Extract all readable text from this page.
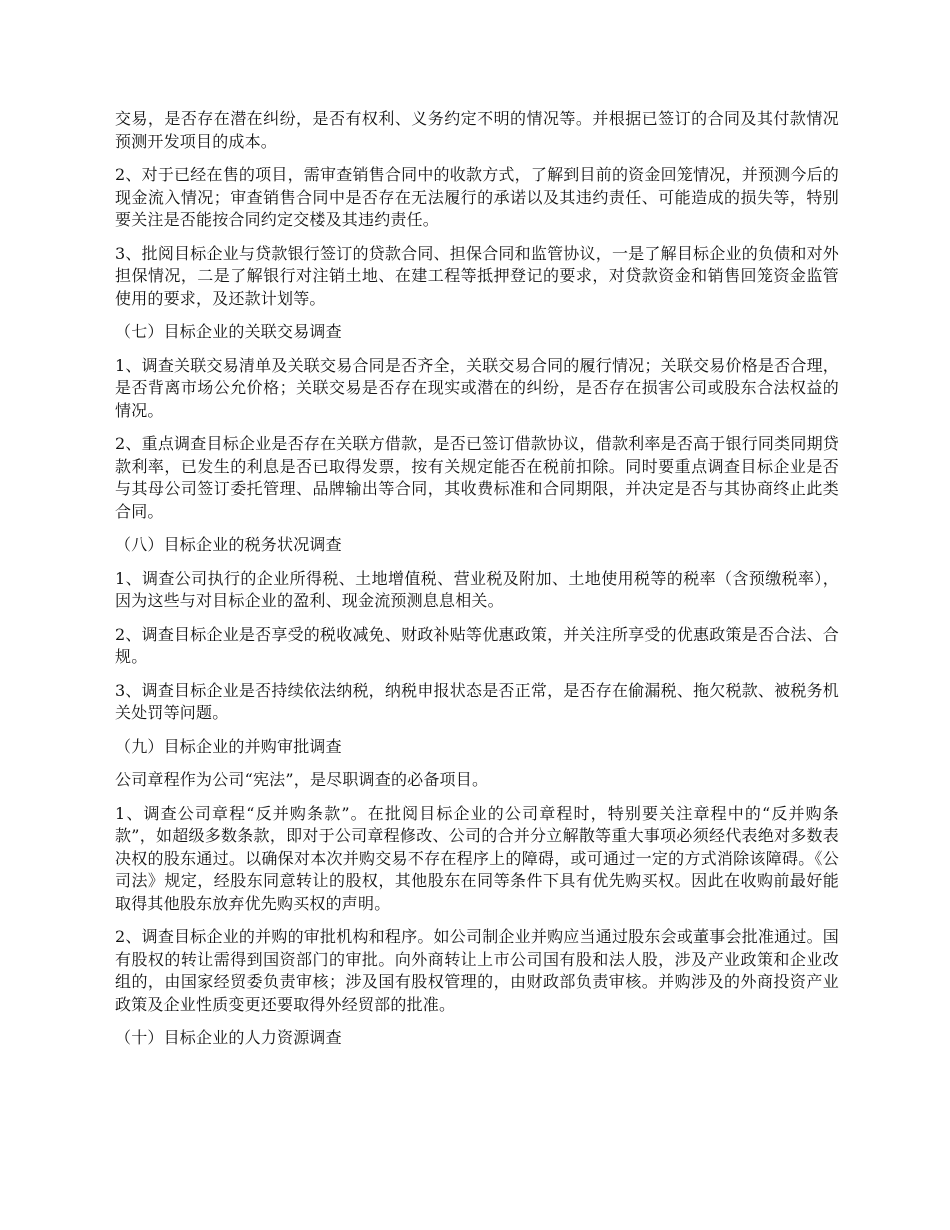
交易，是否存在潜在纠纷，是否有权利、义务约定不明的情况等。并根据已签订的合同及其付款情况预测开发项目的成本。

2、对于已经在售的项目，需审查销售合同中的收款方式，了解到目前的资金回笼情况，并预测今后的现金流入情况；审查销售合同中是否存在无法履行的承诺以及其违约责任、可能造成的损失等，特别要关注是否能按合同约定交楼及其违约责任。

3、批阅目标企业与贷款银行签订的贷款合同、担保合同和监管协议，一是了解目标企业的负债和对外担保情况，二是了解银行对注销土地、在建工程等抵押登记的要求，对贷款资金和销售回笼资金监管使用的要求，及还款计划等。

（七）目标企业的关联交易调查

1、调查关联交易清单及关联交易合同是否齐全，关联交易合同的履行情况；关联交易价格是否合理，是否背离市场公允价格；关联交易是否存在现实或潜在的纠纷，是否存在损害公司或股东合法权益的情况。

2、重点调查目标企业是否存在关联方借款，是否已签订借款协议，借款利率是否高于银行同类同期贷款利率，已发生的利息是否已取得发票，按有关规定能否在税前扣除。同时要重点调查目标企业是否与其母公司签订委托管理、品牌输出等合同，其收费标准和合同期限，并决定是否与其协商终止此类合同。

（八）目标企业的税务状况调查

1、调查公司执行的企业所得税、土地增值税、营业税及附加、土地使用税等的税率（含预缴税率），因为这些与对目标企业的盈利、现金流预测息息相关。

2、调查目标企业是否享受的税收减免、财政补贴等优惠政策，并关注所享受的优惠政策是否合法、合规。

3、调查目标企业是否持续依法纳税，纳税申报状态是否正常，是否存在偷漏税、拖欠税款、被税务机关处罚等问题。

（九）目标企业的并购审批调查

公司章程作为公司“宪法”，是尽职调查的必备项目。

1、调查公司章程“反并购条款”。在批阅目标企业的公司章程时，特别要关注章程中的“反并购条款”，如超级多数条款，即对于公司章程修改、公司的合并分立解散等重大事项必须经代表绝对多数表决权的股东通过。以确保对本次并购交易不存在程序上的障碍，或可通过一定的方式消除该障碍。《公司法》规定，经股东同意转让的股权，其他股东在同等条件下具有优先购买权。因此在收购前最好能取得其他股东放弃优先购买权的声明。

2、调查目标企业的并购的审批机构和程序。如公司制企业并购应当通过股东会或董事会批准通过。国有股权的转让需得到国资部门的审批。向外商转让上市公司国有股和法人股，涉及产业政策和企业改组的，由国家经贸委负责审核；涉及国有股权管理的，由财政部负责审核。并购涉及的外商投资产业政策及企业性质变更还要取得外经贸部的批准。

（十）目标企业的人力资源调查
